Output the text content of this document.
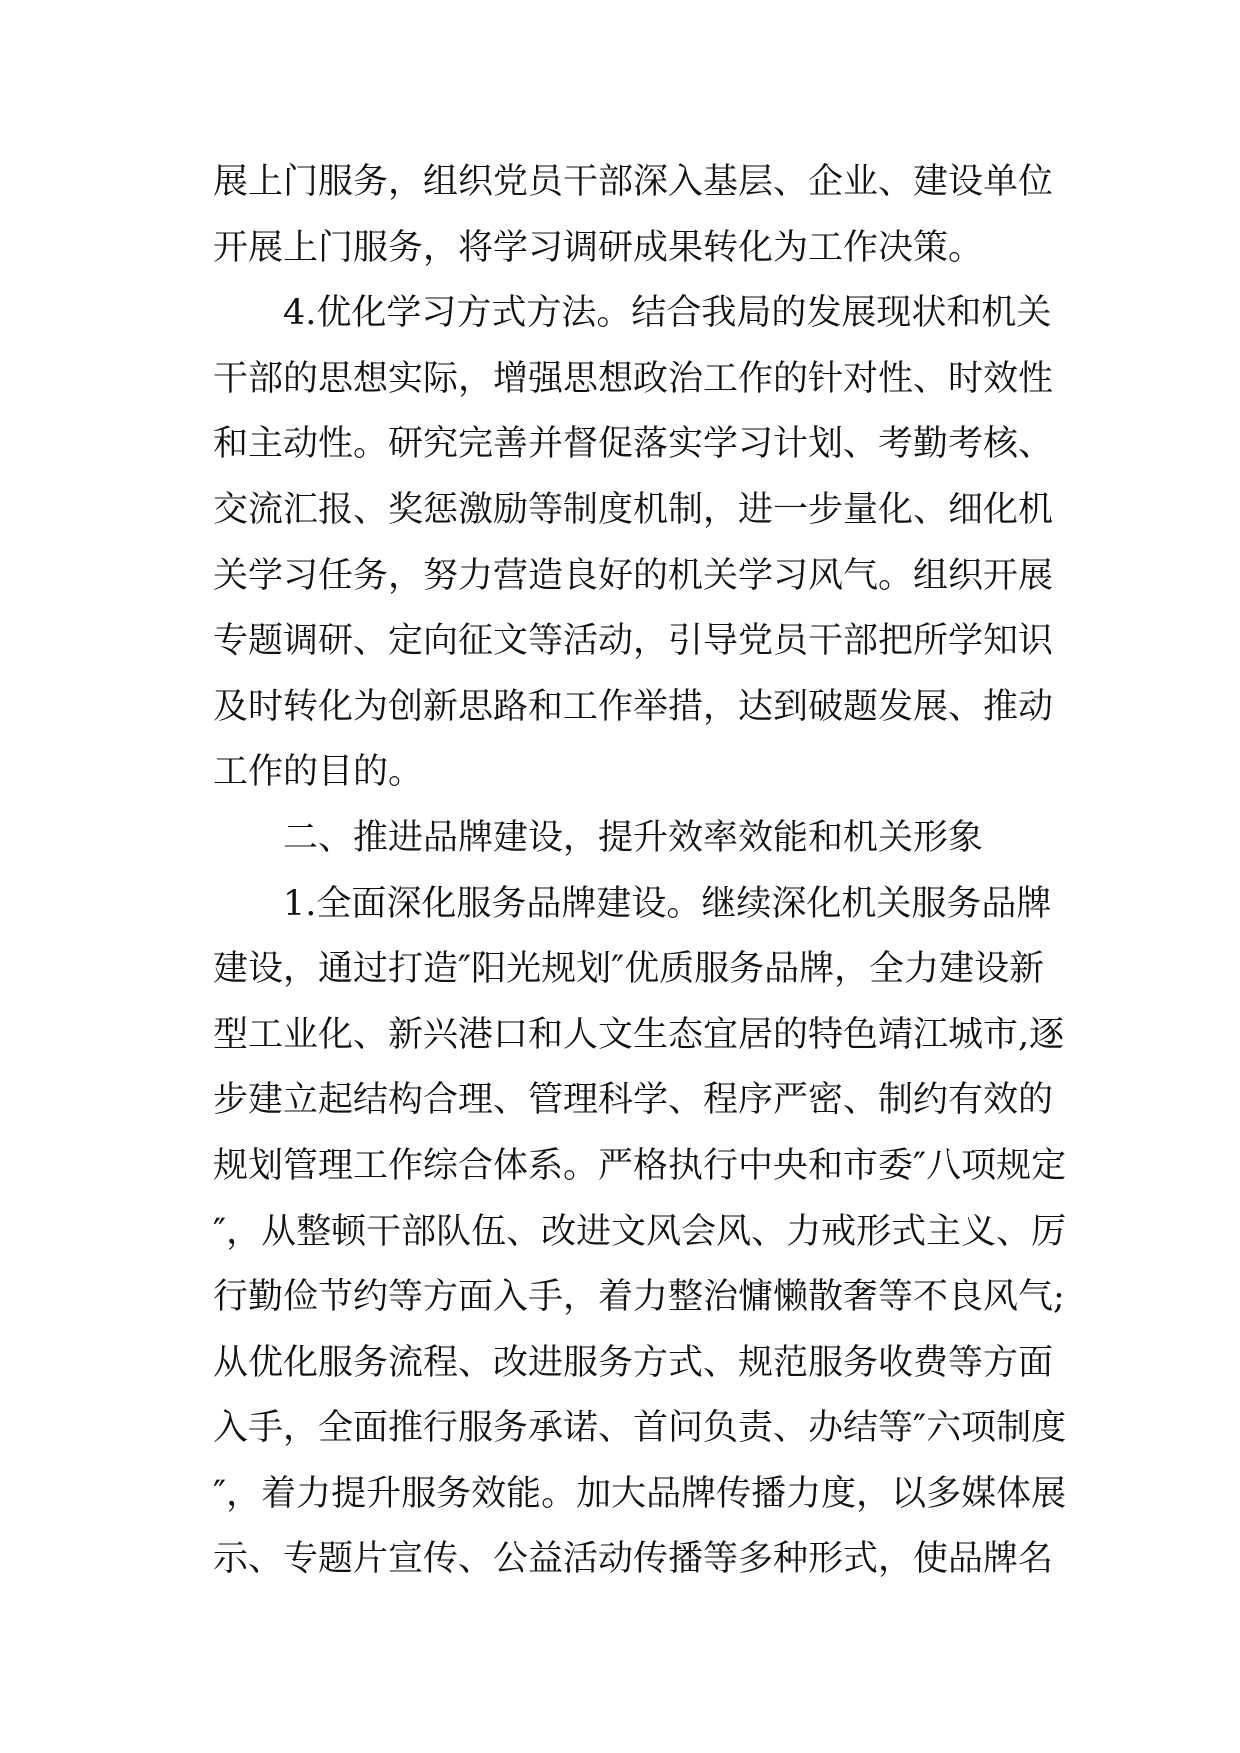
展上门服务，组织党员干部深入基层、企业、建设单位
开展上门服务，将学习调研成果转化为工作决策。
　　4.优化学习方式方法。结合我局的发展现状和机关
干部的思想实际，增强思想政治工作的针对性、时效性
和主动性。研究完善并督促落实学习计划、考勤考核、
交流汇报、奖惩激励等制度机制，进一步量化、细化机
关学习任务，努力营造良好的机关学习风气。组织开展
专题调研、定向征文等活动，引导党员干部把所学知识
及时转化为创新思路和工作举措，达到破题发展、推动
工作的目的。
　　二、推进品牌建设，提升效率效能和机关形象
　　1.全面深化服务品牌建设。继续深化机关服务品牌
建设，通过打造″阳光规划″优质服务品牌，全力建设新
型工业化、新兴港口和人文生态宜居的特色靖江城市,逐
步建立起结构合理、管理科学、程序严密、制约有效的
规划管理工作综合体系。严格执行中央和市委″八项规定
″，从整顿干部队伍、改进文风会风、力戒形式主义、厉
行勤俭节约等方面入手，着力整治慵懒散奢等不良风气;
从优化服务流程、改进服务方式、规范服务收费等方面
入手，全面推行服务承诺、首问负责、办结等″六项制度
″，着力提升服务效能。加大品牌传播力度，以多媒体展
示、专题片宣传、公益活动传播等多种形式，使品牌名
